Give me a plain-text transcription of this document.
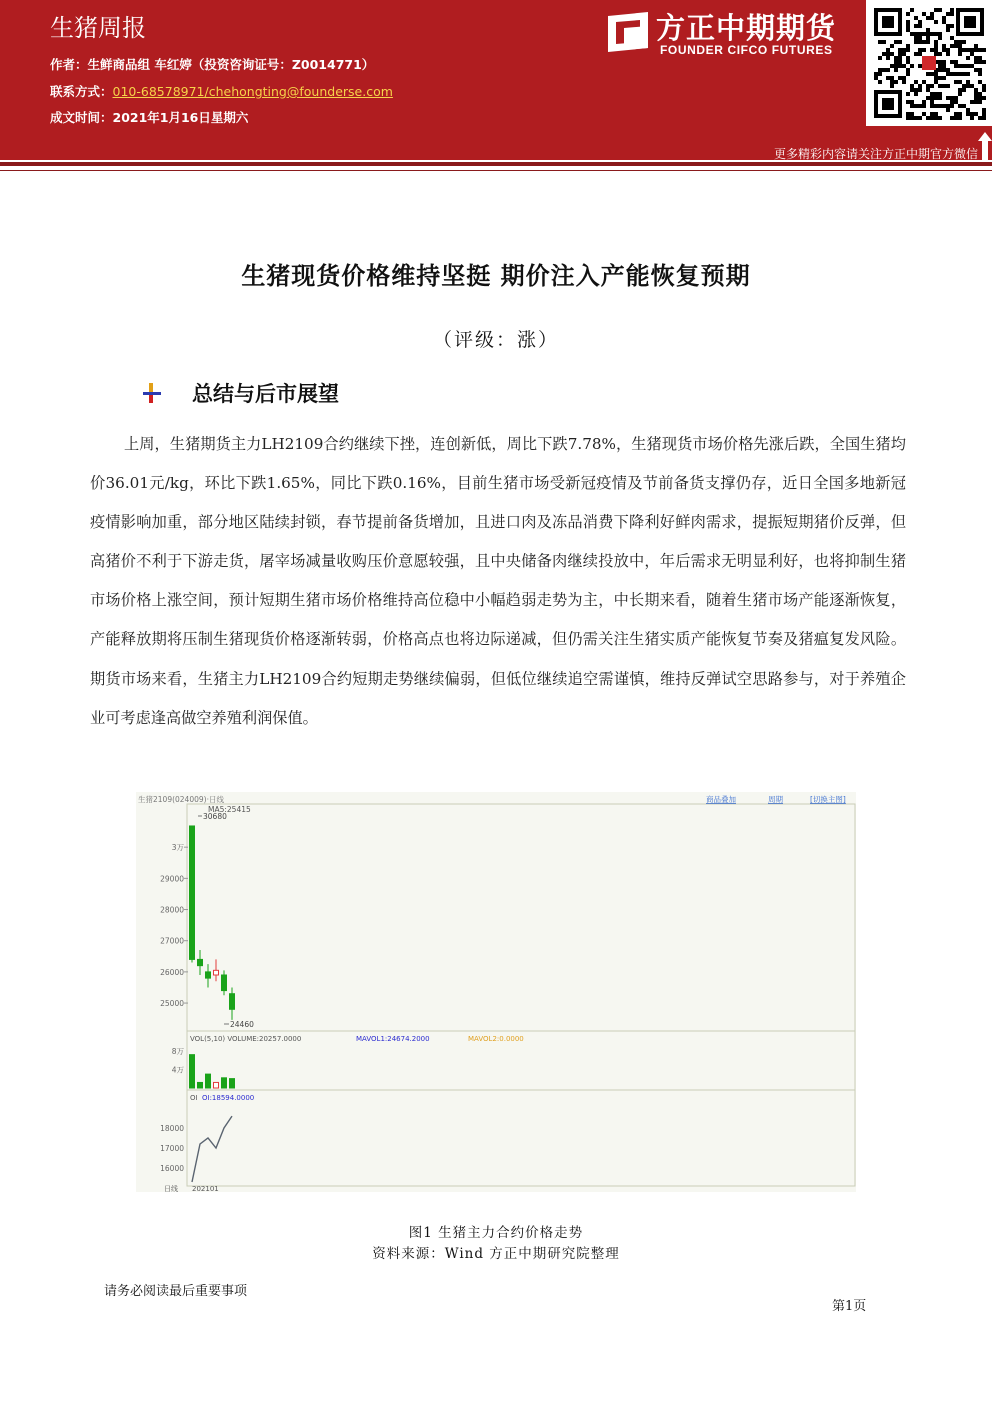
生猪周报
作者：生鲜商品组 车红婷（投资咨询证号：Z0014771）
联系方式：010-68578971/chehongting@founderse.com
成文时间：2021年1月16日星期六
方正中期期货
FOUNDER CIFCO FUTURES
更多精彩内容请关注方正中期官方微信
生猪现货价格维持坚挺 期价注入产能恢复预期
（评级：涨）
总结与后市展望

上周，生猪期货主力LH2109合约继续下挫，连创新低，周比下跌7.78%，生猪现货市场价格先涨后跌，全国生猪均价36.01元/kg，环比下跌1.65%，同比下跌0.16%，目前生猪市场受新冠疫情及节前备货支撑仍存，近日全国多地新冠疫情影响加重，部分地区陆续封锁，春节提前备货增加，且进口肉及冻品消费下降利好鲜肉需求，提振短期猪价反弹，但高猪价不利于下游走货，屠宰场减量收购压价意愿较强，且中央储备肉继续投放中，年后需求无明显利好，也将抑制生猪市场价格上涨空间，预计短期生猪市场价格维持高位稳中小幅趋弱走势为主，中长期来看，随着生猪市场产能逐渐恢复，产能释放期将压制生猪现货价格逐渐转弱，价格高点也将边际递减，但仍需关注生猪实质产能恢复节奏及猪瘟复发风险。期货市场来看，生猪主力LH2109合约短期走势继续偏弱，但低位继续追空需谨慎，维持反弹试空思路参与，对于养殖企业可考虑逢高做空养殖利润保值。

生猪2109(024009)·日线	商品叠加	周期	[切换主图]
MA5:25415
3万
29000
28000
27000
26000
25000
30680
24460
VOL(5,10) VOLUME:20257.0000	MAVOL1:24674.2000	MAVOL2:0.0000
8万
4万
OI OI:18594.0000
18000
17000
16000
日线 202101
图1 生猪主力合约价格走势
资料来源：Wind 方正中期研究院整理
请务必阅读最后重要事项
第1页
